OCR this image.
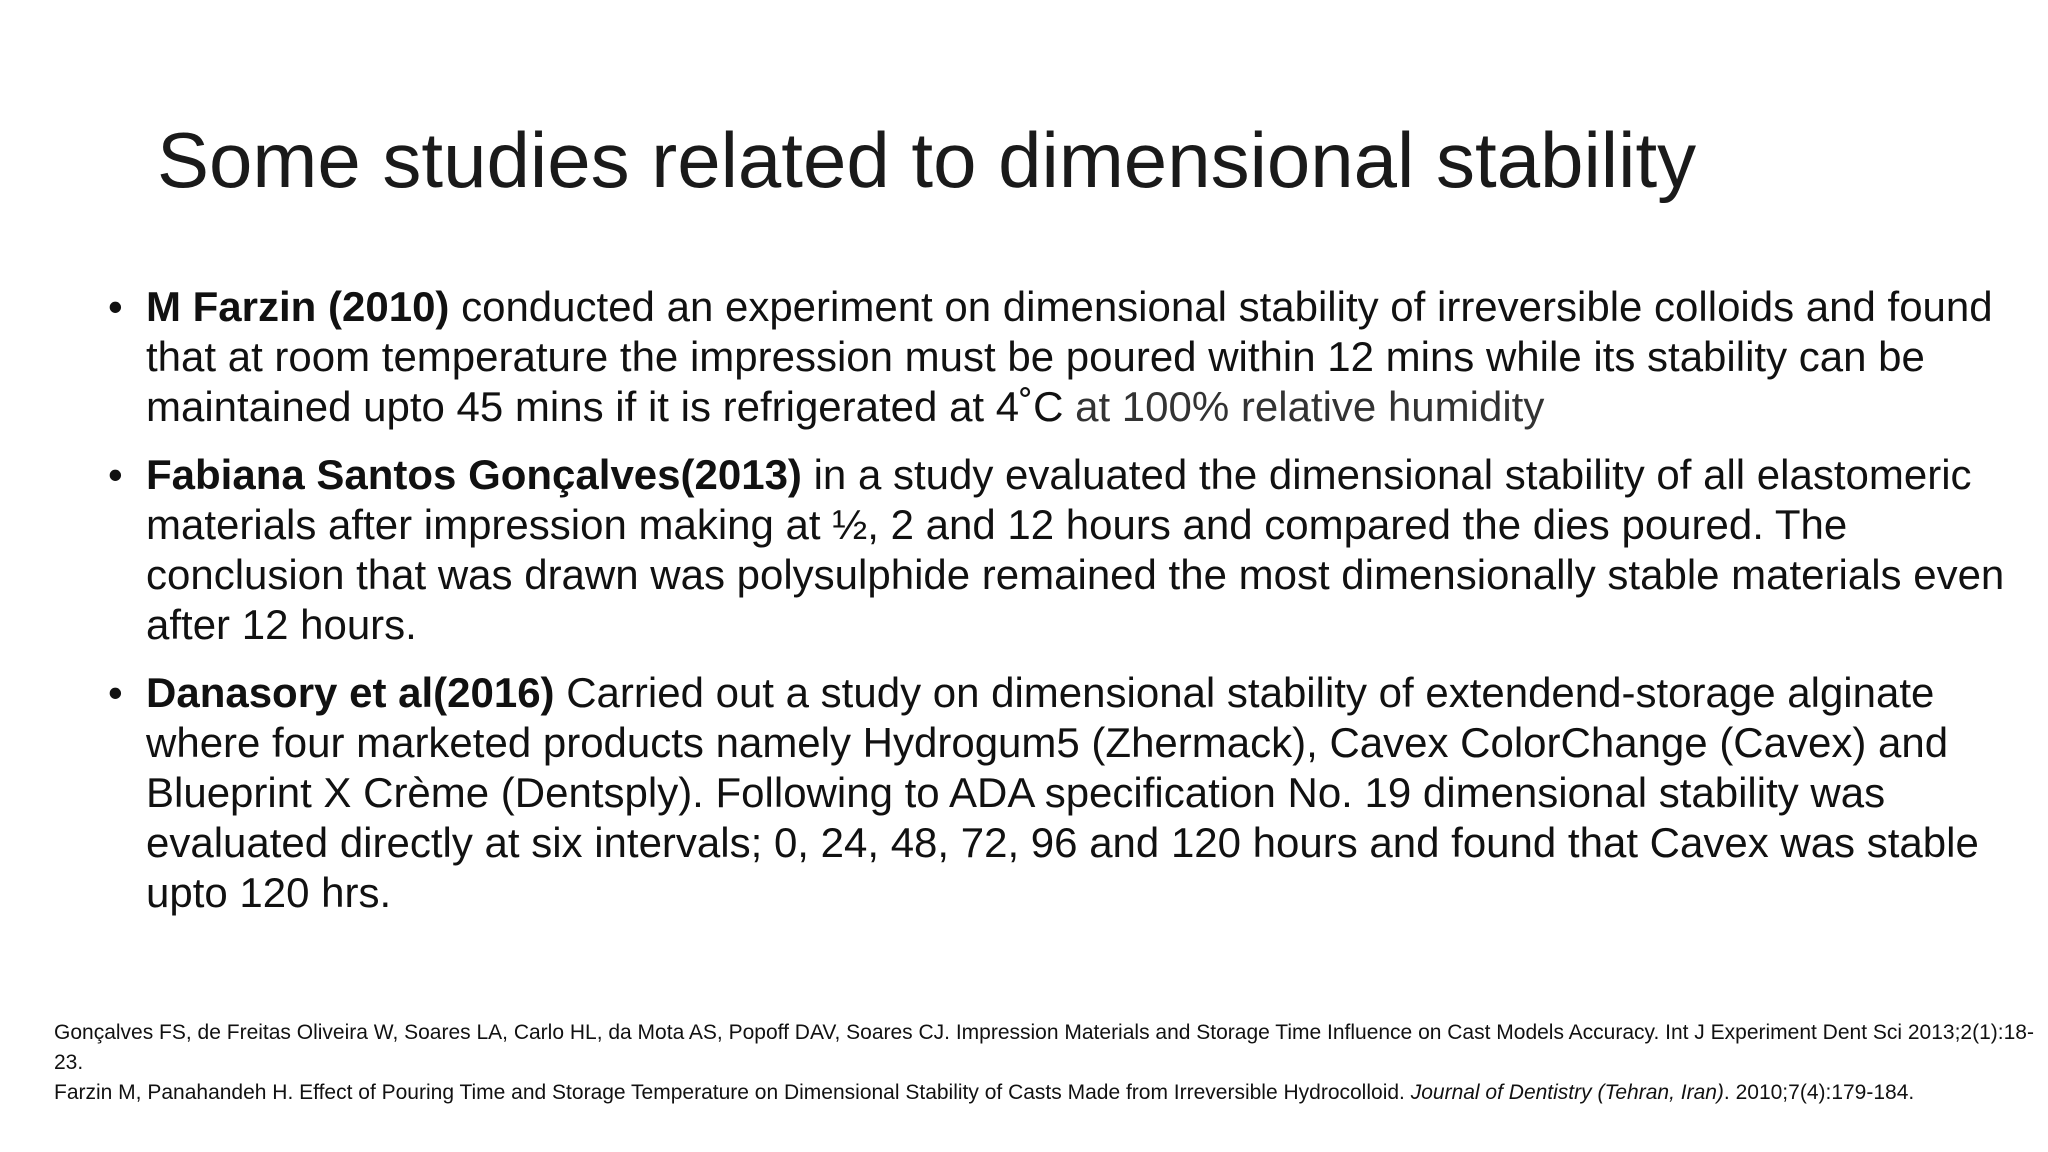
Some studies related to dimensional stability
• M Farzin (2010) conducted an experiment on dimensional stability of irreversible colloids and found that at room temperature the impression must be poured within 12 mins while its stability can be maintained upto 45 mins if it is refrigerated at 4˚C at 100% relative humidity
• Fabiana Santos Gonçalves(2013) in a study evaluated the dimensional stability of all elastomeric materials after impression making at ½, 2 and 12 hours and compared the dies poured. The conclusion that was drawn was polysulphide remained the most dimensionally stable materials even after 12 hours.
• Danasory et al(2016) Carried out a study on dimensional stability of extendend-storage alginate where four marketed products namely Hydrogum5 (Zhermack), Cavex ColorChange (Cavex) and Blueprint X Crème (Dentsply). Following to ADA specification No. 19 dimensional stability was evaluated directly at six intervals; 0, 24, 48, 72, 96 and 120 hours and found that Cavex was stable upto 120 hrs.

Gonçalves FS, de Freitas Oliveira W, Soares LA, Carlo HL, da Mota AS, Popoff DAV, Soares CJ. Impression Materials and Storage Time Influence on Cast Models Accuracy. Int J Experiment Dent Sci 2013;2(1):18-23.

Farzin M, Panahandeh H. Effect of Pouring Time and Storage Temperature on Dimensional Stability of Casts Made from Irreversible Hydrocolloid. Journal of Dentistry (Tehran, Iran). 2010;7(4):179-184.
